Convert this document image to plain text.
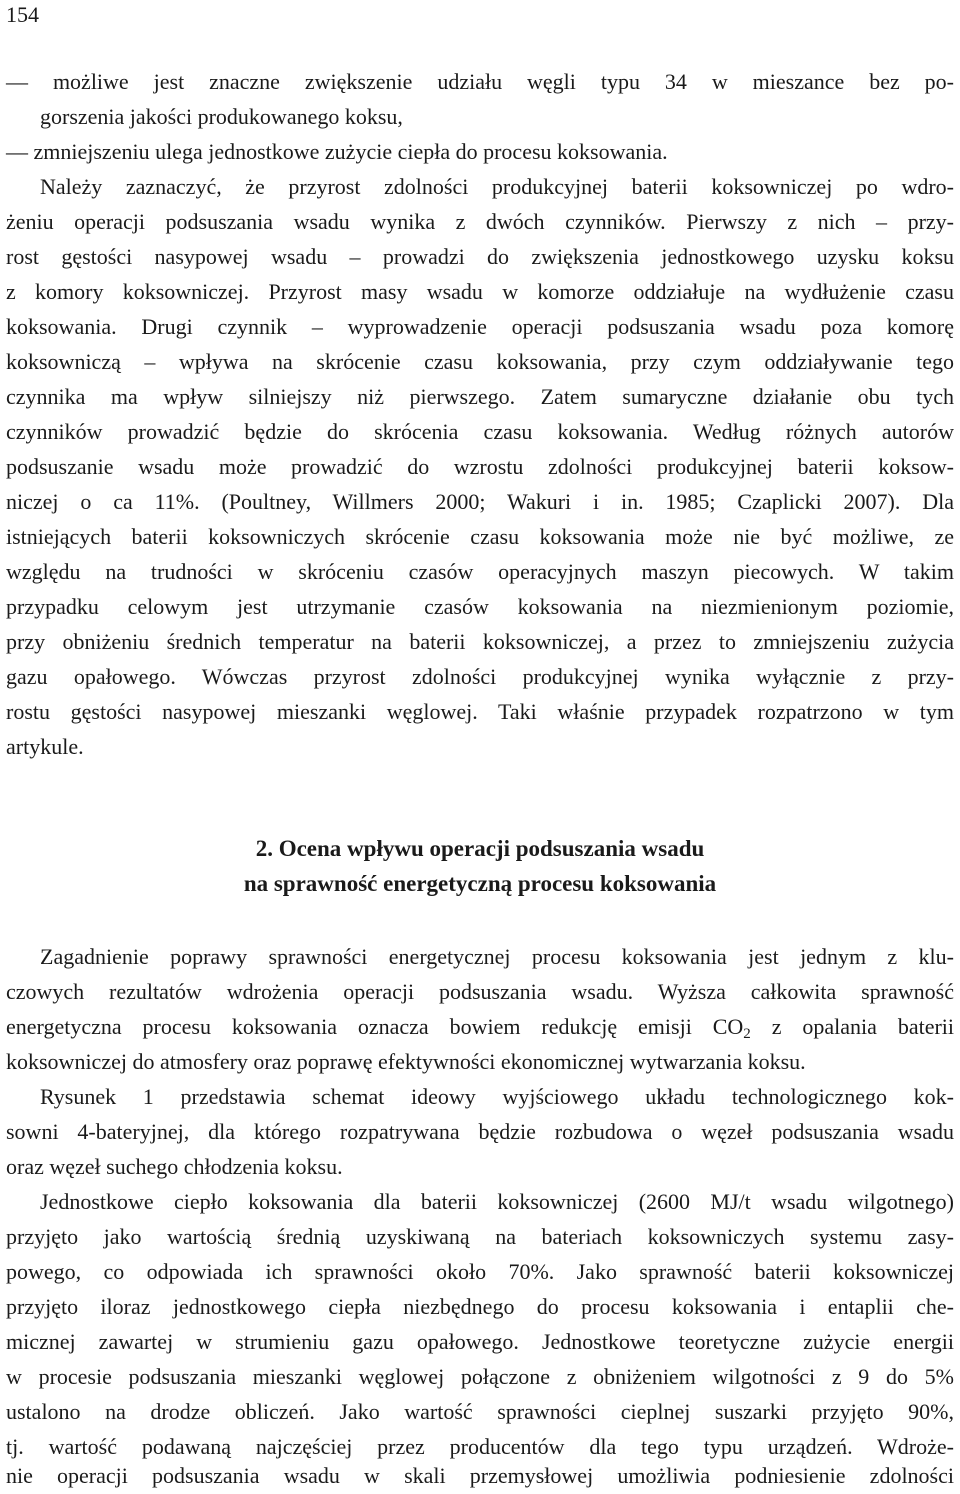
154
— możliwe jest znaczne zwiększenie udziału węgli typu 34 w mieszance bez po-
gorszenia jakości produkowanego koksu,
— zmniejszeniu ulega jednostkowe zużycie ciepła do procesu koksowania.
Należy zaznaczyć, że przyrost zdolności produkcyjnej baterii koksowniczej po wdro-
żeniu operacji podsuszania wsadu wynika z dwóch czynników. Pierwszy z nich – przy-
rost gęstości nasypowej wsadu – prowadzi do zwiększenia jednostkowego uzysku koksu
z komory koksowniczej. Przyrost masy wsadu w komorze oddziałuje na wydłużenie czasu
koksowania. Drugi czynnik – wyprowadzenie operacji podsuszania wsadu poza komorę
koksowniczą – wpływa na skrócenie czasu koksowania, przy czym oddziaływanie tego
czynnika ma wpływ silniejszy niż pierwszego. Zatem sumaryczne działanie obu tych
czynników prowadzić będzie do skrócenia czasu koksowania. Według różnych autorów
podsuszanie wsadu może prowadzić do wzrostu zdolności produkcyjnej baterii koksow-
niczej o ca 11%. (Poultney, Willmers 2000; Wakuri i in. 1985; Czaplicki 2007). Dla
istniejących baterii koksowniczych skrócenie czasu koksowania może nie być możliwe, ze
względu na trudności w skróceniu czasów operacyjnych maszyn piecowych. W takim
przypadku celowym jest utrzymanie czasów koksowania na niezmienionym poziomie,
przy obniżeniu średnich temperatur na baterii koksowniczej, a przez to zmniejszeniu zużycia
gazu opałowego. Wówczas przyrost zdolności produkcyjnej wynika wyłącznie z przy-
rostu gęstości nasypowej mieszanki węglowej. Taki właśnie przypadek rozpatrzono w tym
artykule.
2. Ocena wpływu operacji podsuszania wsadu
na sprawność energetyczną procesu koksowania
Zagadnienie poprawy sprawności energetycznej procesu koksowania jest jednym z klu-
czowych rezultatów wdrożenia operacji podsuszania wsadu. Wyższa całkowita sprawność
energetyczna procesu koksowania oznacza bowiem redukcję emisji $CO_2$ z opalania baterii
koksowniczej do atmosfery oraz poprawę efektywności ekonomicznej wytwarzania koksu.
Rysunek 1 przedstawia schemat ideowy wyjściowego układu technologicznego kok-
sowni 4-bateryjnej, dla którego rozpatrywana będzie rozbudowa o węzeł podsuszania wsadu
oraz węzeł suchego chłodzenia koksu.
Jednostkowe ciepło koksowania dla baterii koksowniczej (2600 MJ/t wsadu wilgotnego)
przyjęto jako wartością średnią uzyskiwaną na bateriach koksowniczych systemu zasy-
powego, co odpowiada ich sprawności około 70%. Jako sprawność baterii koksowniczej
przyjęto iloraz jednostkowego ciepła niezbędnego do procesu koksowania i entaplii che-
micznej zawartej w strumieniu gazu opałowego. Jednostkowe teoretyczne zużycie energii
w procesie podsuszania mieszanki węglowej połączone z obniżeniem wilgotności z 9 do 5%
ustalono na drodze obliczeń. Jako wartość sprawności cieplnej suszarki przyjęto 90%,
tj. wartość podawaną najczęściej przez producentów dla tego typu urządzeń. Wdroże-
nie operacji podsuszania wsadu w skali przemysłowej umożliwia podniesienie zdolności
